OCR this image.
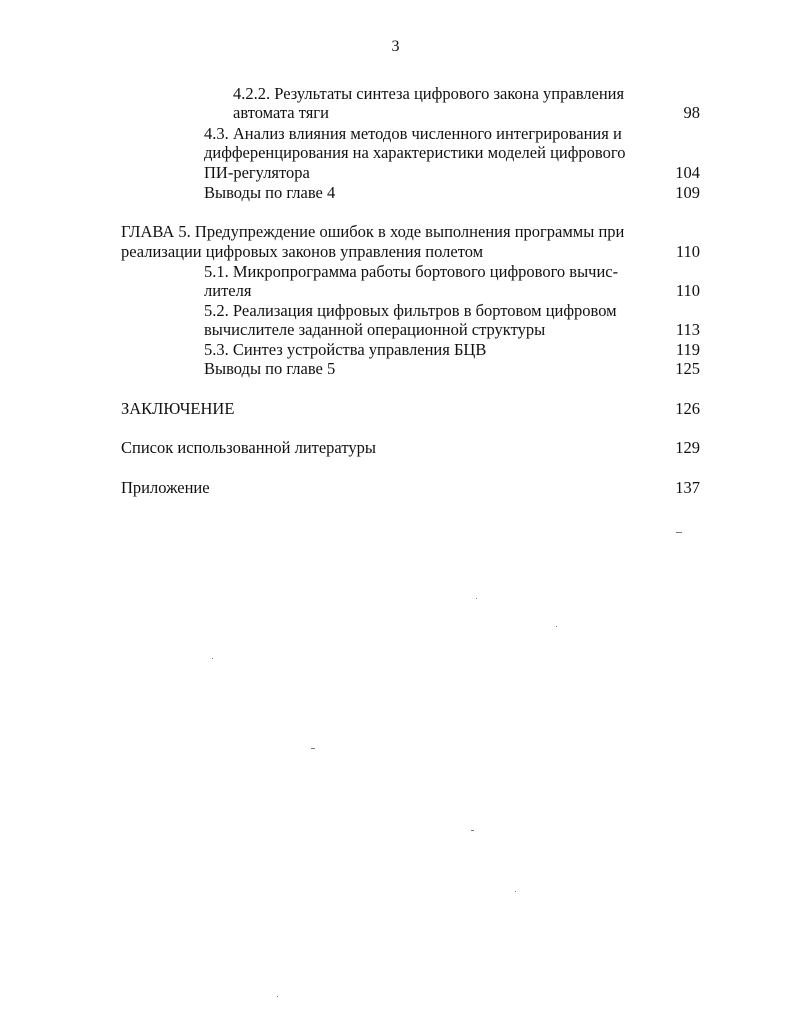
3
4.2.2. Результаты синтеза цифрового закона управления
автомата тяги	98
4.3. Анализ влияния методов численного интегрирования и
дифференцирования на характеристики моделей цифрового
ПИ-регулятора	104
Выводы по главе 4	109
ГЛАВА 5. Предупреждение ошибок в ходе выполнения программы при
реализации цифровых законов управления полетом	110
5.1. Микропрограмма работы бортового цифрового вычис-
лителя	110
5.2. Реализация цифровых фильтров в бортовом цифровом
вычислителе заданной операционной структуры	113
5.3. Синтез устройства управления БЦВ	119
Выводы по главе 5	125
ЗАКЛЮЧЕНИЕ	126
Список использованной литературы	129
Приложение	137
